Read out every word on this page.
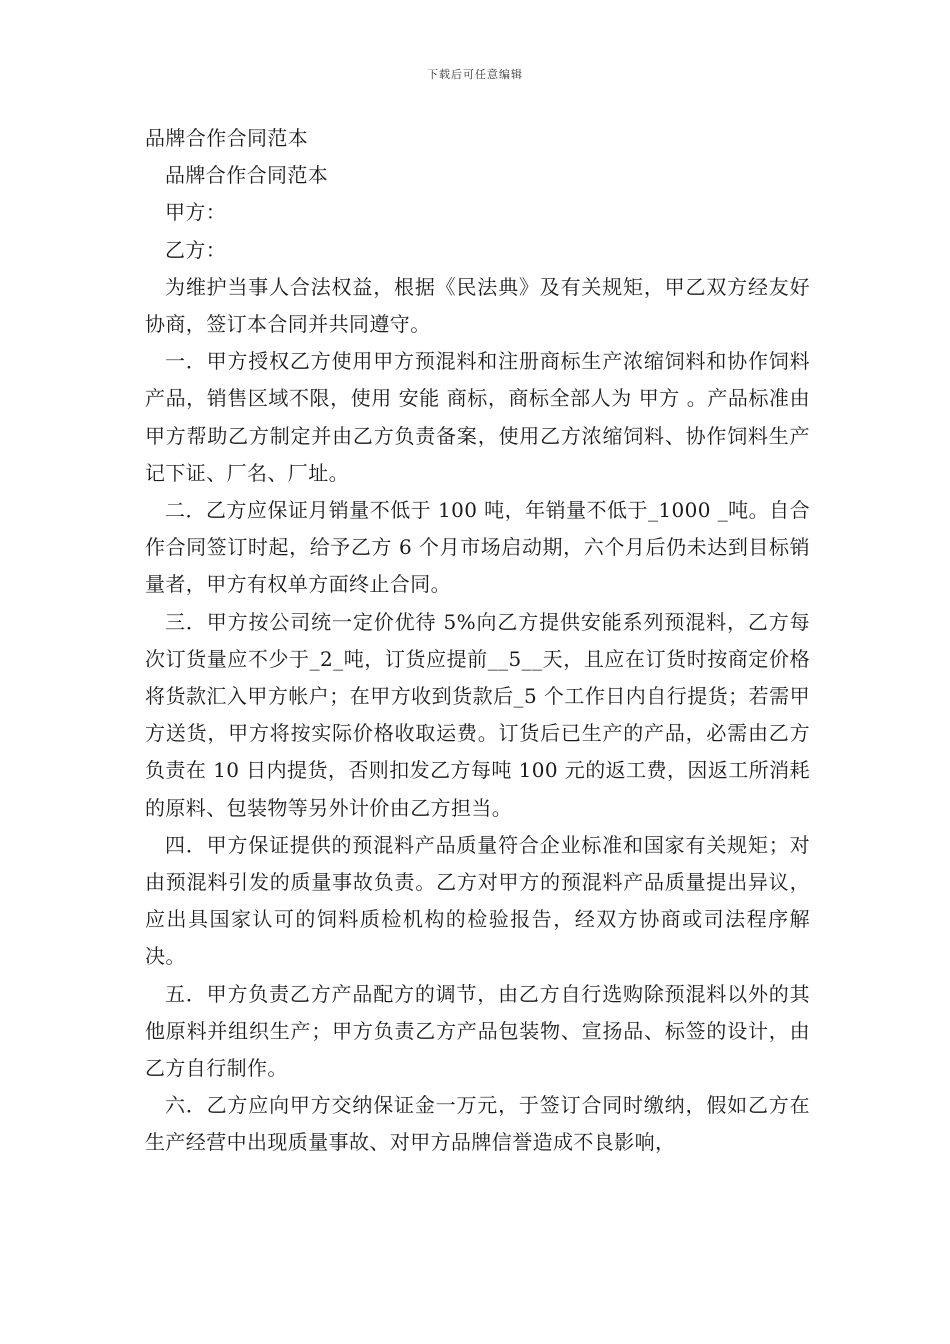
下载后可任意编辑

品牌合作合同范本

品牌合作合同范本

甲方：

乙方：

为维护当事人合法权益，根据《民法典》及有关规矩，甲乙双方经友好协商，签订本合同并共同遵守。

一．甲方授权乙方使用甲方预混料和注册商标生产浓缩饲料和协作饲料产品，销售区域不限，使用 安能 商标，商标全部人为 甲方 。产品标准由甲方帮助乙方制定并由乙方负责备案，使用乙方浓缩饲料、协作饲料生产记下证、厂名、厂址。

二．乙方应保证月销量不低于 100 吨，年销量不低于_1000 _吨。自合作合同签订时起，给予乙方 6 个月市场启动期，六个月后仍未达到目标销量者，甲方有权单方面终止合同。

三．甲方按公司统一定价优待 5%向乙方提供安能系列预混料，乙方每次订货量应不少于_2_吨，订货应提前__5__天，且应在订货时按商定价格将货款汇入甲方帐户；在甲方收到货款后_5 个工作日内自行提货；若需甲方送货，甲方将按实际价格收取运费。订货后已生产的产品，必需由乙方负责在 10 日内提货，否则扣发乙方每吨 100 元的返工费，因返工所消耗的原料、包装物等另外计价由乙方担当。

四．甲方保证提供的预混料产品质量符合企业标准和国家有关规矩；对由预混料引发的质量事故负责。乙方对甲方的预混料产品质量提出异议，应出具国家认可的饲料质检机构的检验报告，经双方协商或司法程序解决。

五．甲方负责乙方产品配方的调节，由乙方自行选购除预混料以外的其他原料并组织生产；甲方负责乙方产品包装物、宣扬品、标签的设计，由乙方自行制作。

六．乙方应向甲方交纳保证金一万元，于签订合同时缴纳，假如乙方在生产经营中出现质量事故、对甲方品牌信誉造成不良影响，
